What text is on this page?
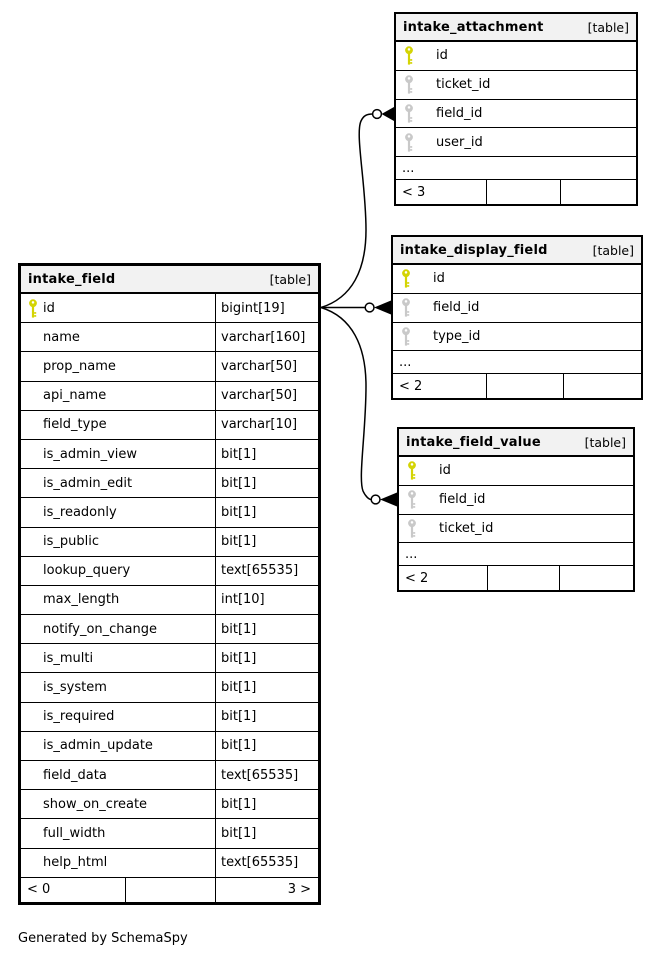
intake_field	[table]
id	bigint[19]
name	varchar[160]
prop_name	varchar[50]
api_name	varchar[50]
field_type	varchar[10]
is_admin_view	bit[1]
is_admin_edit	bit[1]
is_readonly	bit[1]
is_public	bit[1]
lookup_query	text[65535]
max_length	int[10]
notify_on_change	bit[1]
is_multi	bit[1]
is_system	bit[1]
is_required	bit[1]
is_admin_update	bit[1]
field_data	text[65535]
show_on_create	bit[1]
full_width	bit[1]
help_html	text[65535]
< 0	3 >
intake_attachment	[table]
id
ticket_id
field_id
user_id
...
< 3
intake_display_field	[table]
id
field_id
type_id
...
< 2
intake_field_value	[table]
id
field_id
ticket_id
...
< 2
Generated by SchemaSpy
